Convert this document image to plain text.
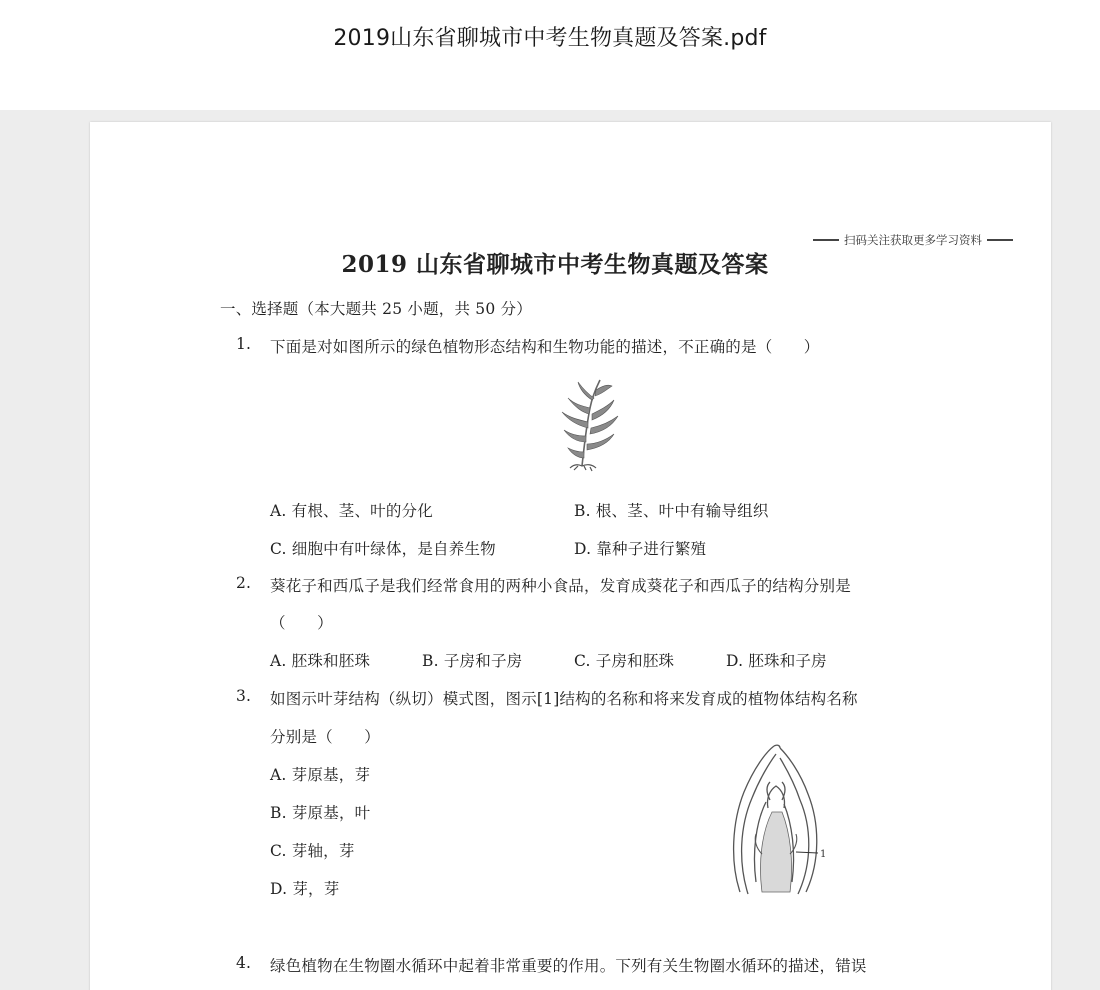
2019山东省聊城市中考生物真题及答案.pdf
扫码关注获取更多学习资料
2019 山东省聊城市中考生物真题及答案
一、选择题（本大题共 25 小题，共 50 分）
1. 下面是对如图所示的绿色植物形态结构和生物功能的描述，不正确的是（　　）
A. 有根、茎、叶的分化	B. 根、茎、叶中有输导组织
C. 细胞中有叶绿体，是自养生物	D. 靠种子进行繁殖
2. 葵花子和西瓜子是我们经常食用的两种小食品，发育成葵花子和西瓜子的结构分别是
（　　）
A. 胚珠和胚珠	B. 子房和子房	C. 子房和胚珠	D. 胚珠和子房
3. 如图示叶芽结构（纵切）模式图，图示[1]结构的名称和将来发育成的植物体结构名称
分别是（　　）
A. 芽原基，芽
B. 芽原基，叶
C. 芽轴，芽
D. 芽，芽
1
4. 绿色植物在生物圈水循环中起着非常重要的作用。下列有关生物圈水循环的描述，错误
